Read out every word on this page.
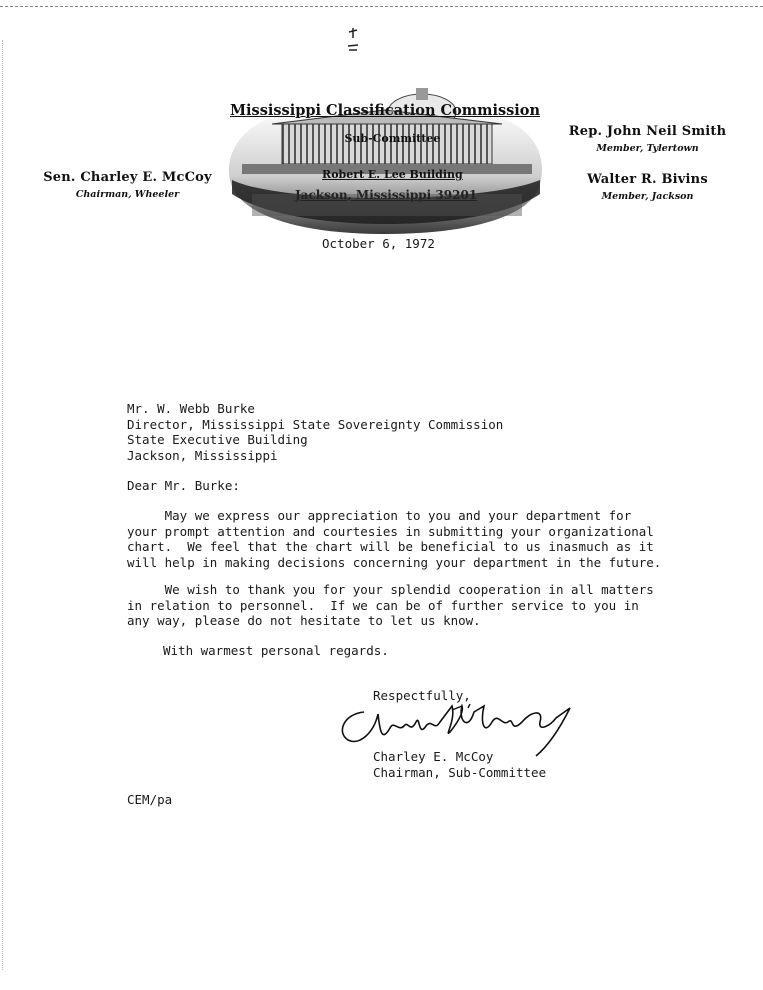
Sen. Charley E. McCoy
Chairman, Wheeler
Rep. John Neil Smith
Member, Tylertown
Walter R. Bivins
Member, Jackson
Mississippi Classification Commission
Sub-Committee
Robert E. Lee Building
Jackson, Mississippi 39201
October 6, 1972
Mr. W. Webb Burke
Director, Mississippi State Sovereignty Commission
State Executive Building
Jackson, Mississippi
Dear Mr. Burke:
May we express our appreciation to you and your department for
your prompt attention and courtesies in submitting your organizational
chart.  We feel that the chart will be beneficial to us inasmuch as it
will help in making decisions concerning your department in the future.
We wish to thank you for your splendid cooperation in all matters
in relation to personnel.  If we can be of further service to you in
any way, please do not hesitate to let us know.
With warmest personal regards.
Respectfully,
Charley E. McCoy
Chairman, Sub-Committee
CEM/pa
